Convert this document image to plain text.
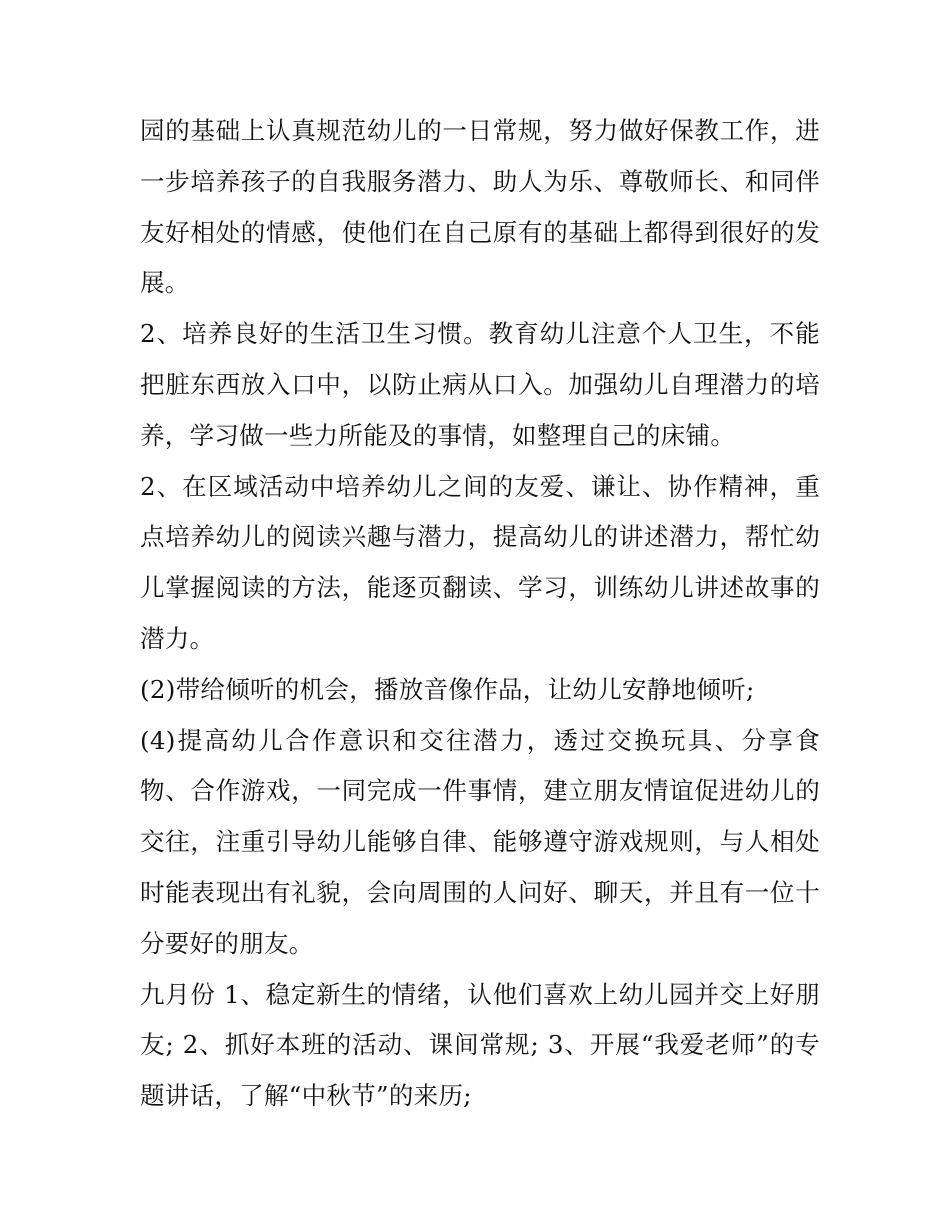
园的基础上认真规范幼儿的一日常规，努力做好保教工作，进一步培养孩子的自我服务潜力、助人为乐、尊敬师长、和同伴友好相处的情感，使他们在自己原有的基础上都得到很好的发展。

2、培养良好的生活卫生习惯。教育幼儿注意个人卫生，不能把脏东西放入口中，以防止病从口入。加强幼儿自理潜力的培养，学习做一些力所能及的事情，如整理自己的床铺。

2、在区域活动中培养幼儿之间的友爱、谦让、协作精神，重点培养幼儿的阅读兴趣与潜力，提高幼儿的讲述潜力，帮忙幼儿掌握阅读的方法，能逐页翻读、学习，训练幼儿讲述故事的潜力。

(2)带给倾听的机会，播放音像作品，让幼儿安静地倾听;

(4)提高幼儿合作意识和交往潜力，透过交换玩具、分享食物、合作游戏，一同完成一件事情，建立朋友情谊促进幼儿的交往，注重引导幼儿能够自律、能够遵守游戏规则，与人相处时能表现出有礼貌，会向周围的人问好、聊天，并且有一位十分要好的朋友。

九月份 1、稳定新生的情绪，认他们喜欢上幼儿园并交上好朋友; 2、抓好本班的活动、课间常规; 3、开展“我爱老师”的专题讲话，了解“中秋节”的来历;
